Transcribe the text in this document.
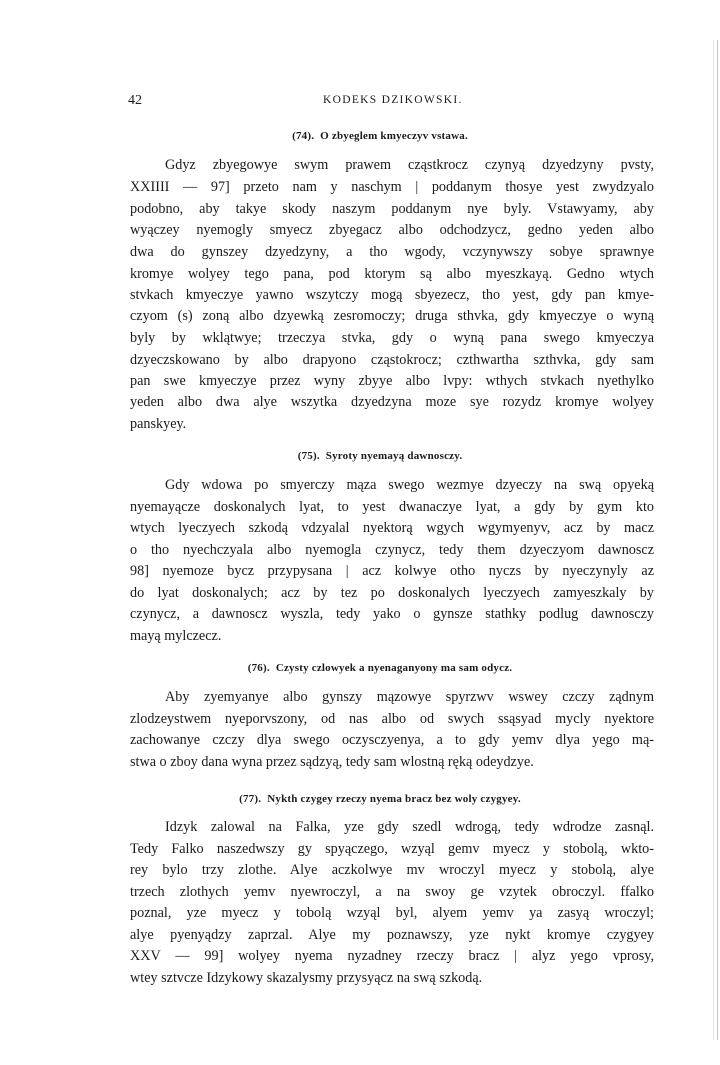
42	KODEKS DZIKOWSKI.
(74). O zbyeglem kmyeczyv vstawa.
Gdyz zbyegowye swym prawem cząstkrocz czynyą dzyedzyny pvsty,
XXIIII — 97] przeto nam y naschym | poddanym thosye yest zwydzyalo
podobno, aby takye skody naszym poddanym nye byly. Vstawyamy, aby
wyączey nyemogly smyecz zbyegacz albo odchodzycz, gedno yeden albo
dwa do gynszey dzyedzyny, a tho wgody, vczynywszy sobye sprawnye
kromye wolyey tego pana, pod ktorym są albo myeszkayą. Gedno wtych
stvkach kmyeczye yawno wszytczy mogą sbyezecz, tho yest, gdy pan kmye-
czyom (s) zoną albo dzyewką zesromoczy; druga sthvka, gdy kmyeczye o wyną
byly by wklątwye; trzeczya stvka, gdy o wyną pana swego kmyeczya
dzyeczskowano by albo drapyono cząstokrocz; czthwartha szthvka, gdy sam
pan swe kmyeczye przez wyny zbyye albo lvpy: wthych stvkach nyethylko
yeden albo dwa alye wszytka dzyedzyna moze sye rozydz kromye wolyey
panskyey.
(75). Syroty nyemayą dawnosczy.
Gdy wdowa po smyerczy mąza swego wezmye dzyeczy na swą opyeką
nyemayącze doskonalych lyat, to yest dwanaczye lyat, a gdy by gym kto
wtych lyeczyech szkodą vdzyalal nyektorą wgych wgymyenyv, acz by macz
o tho nyechczyala albo nyemogla czynycz, tedy them dzyeczyom dawnoscz
98] nyemoze bycz przypysana | acz kolwye otho nyczs by nyeczynyly az
do lyat doskonalych; acz by tez po doskonalych lyeczyech zamyeszkaly by
czynycz, a dawnoscz wyszla, tedy yako o gynsze stathky podlug dawnosczy
mayą mylczecz.
(76). Czysty czlowyek a nyenaganyony ma sam odycz.
Aby zyemyanye albo gynszy mązowye spyrzwv wswey czczy ządnym
zlodzeystwem nyeporvszony, od nas albo od swych ssąsyad mycly nyektore
zachowanye czczy dlya swego oczysczyenya, a to gdy yemv dlya yego mą-
stwa o zboy dana wyna przez sądzyą, tedy sam wlostną ręką odeydzye.
(77). Nykth czygey rzeczy nyema bracz bez woly czygyey.
Idzyk zalowal na Falka, yze gdy szedl wdrogą, tedy wdrodze zasnąl.
Tedy Falko naszedwszy gy spyączego, wzyąl gemv myecz y stobolą, wkto-
rey bylo trzy zlothe. Alye aczkolwye mv wroczyl myecz y stobolą, alye
trzech zlothych yemv nyewroczyl, a na swoy ge vzytek obroczyl. ffalko
poznal, yze myecz y tobolą wzyąl byl, alyem yemv ya zasyą wroczyl;
alye pyenyądzy zaprzal. Alye my poznawszy, yze nykt kromye czygyey
XXV — 99] wolyey nyema nyzadney rzeczy bracz | alyz yego vprosy,
wtey sztvcze Idzykowy skazalysmy przysyącz na swą szkodą.
